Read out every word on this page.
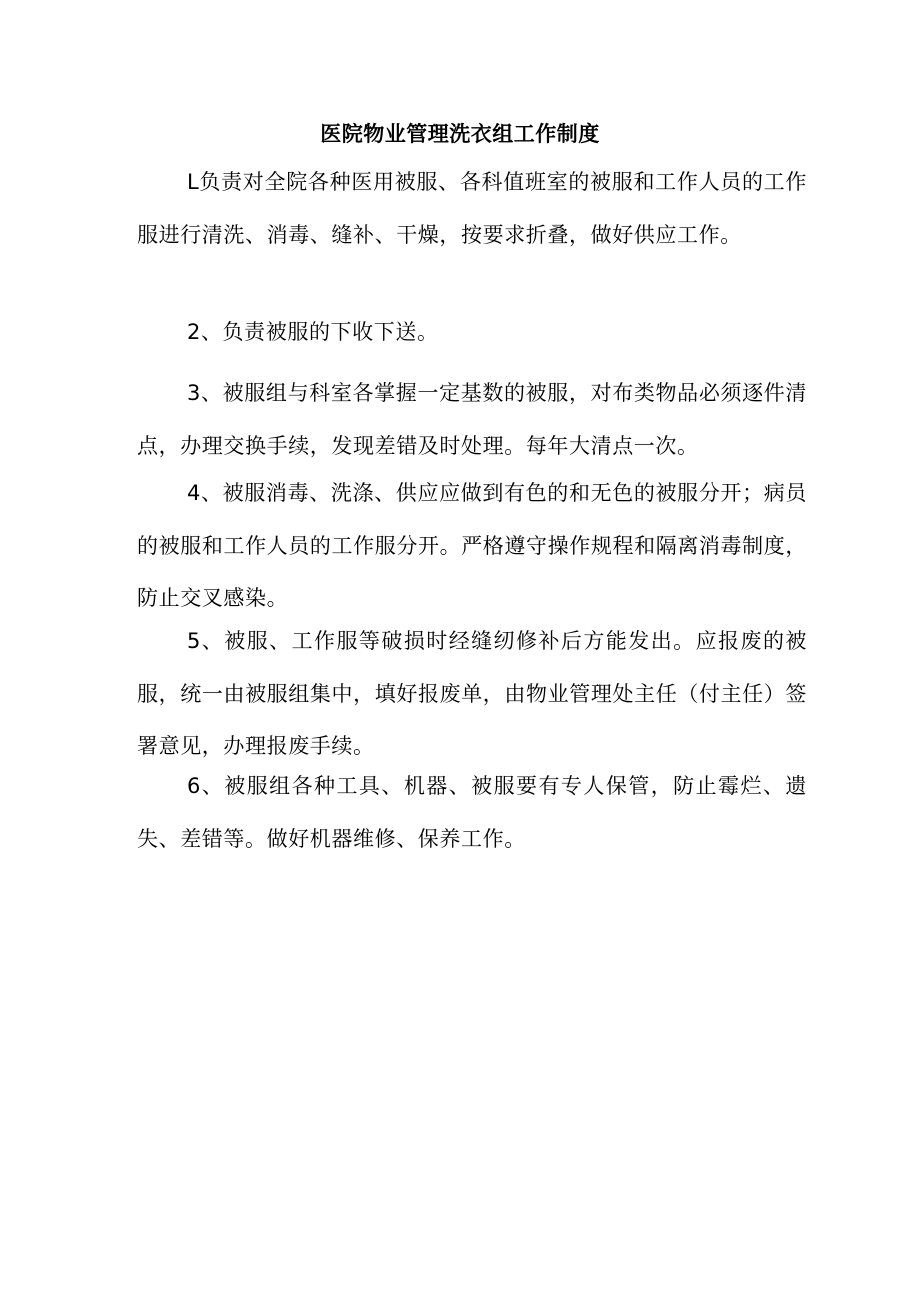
医院物业管理洗衣组工作制度

L负责对全院各种医用被服、各科值班室的被服和工作人员的工作服进行清洗、消毒、缝补、干燥，按要求折叠，做好供应工作。

2、负责被服的下收下送。

3、被服组与科室各掌握一定基数的被服，对布类物品必须逐件清点，办理交换手续，发现差错及时处理。每年大清点一次。

4、被服消毒、洗涤、供应应做到有色的和无色的被服分开；病员的被服和工作人员的工作服分开。严格遵守操作规程和隔离消毒制度，防止交叉感染。

5、被服、工作服等破损时经缝纫修补后方能发出。应报废的被服，统一由被服组集中，填好报废单，由物业管理处主任（付主任）签署意见，办理报废手续。

6、被服组各种工具、机器、被服要有专人保管，防止霉烂、遗失、差错等。做好机器维修、保养工作。
